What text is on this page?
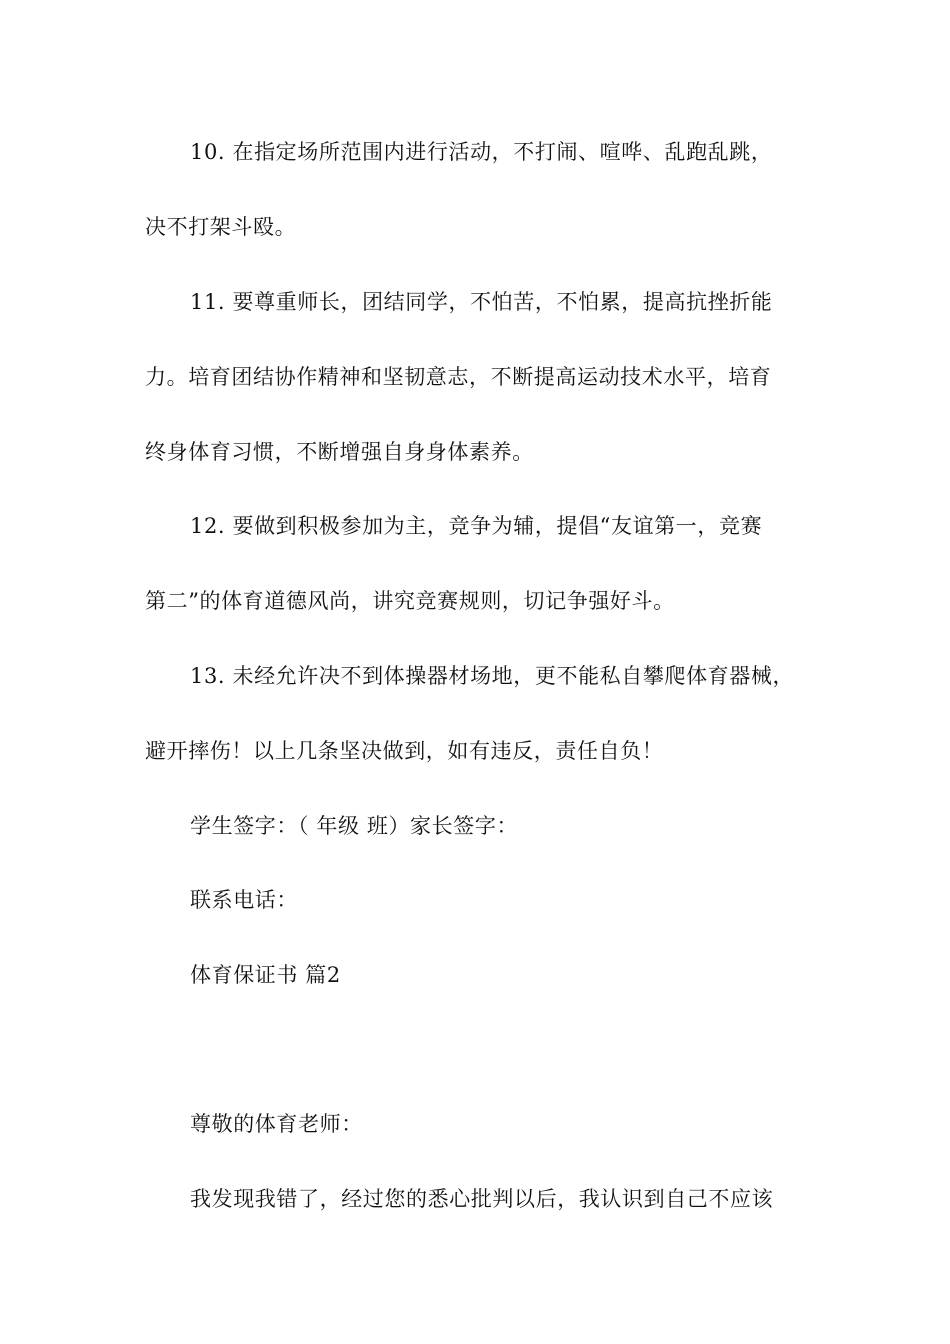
10. 在指定场所范围内进行活动，不打闹、喧哗、乱跑乱跳，
决不打架斗殴。
11. 要尊重师长，团结同学，不怕苦，不怕累，提高抗挫折能
力。培育团结协作精神和坚韧意志，不断提高运动技术水平，培育
终身体育习惯，不断增强自身身体素养。
12. 要做到积极参加为主，竞争为辅，提倡“友谊第一，竞赛
第二”的体育道德风尚，讲究竞赛规则，切记争强好斗。
13. 未经允许决不到体操器材场地，更不能私自攀爬体育器械，
避开摔伤！以上几条坚决做到，如有违反，责任自负！
学生签字：（ 年级 班）家长签字：
联系电话：
体育保证书 篇2
尊敬的体育老师：
我发现我错了，经过您的悉心批判以后，我认识到自己不应该
